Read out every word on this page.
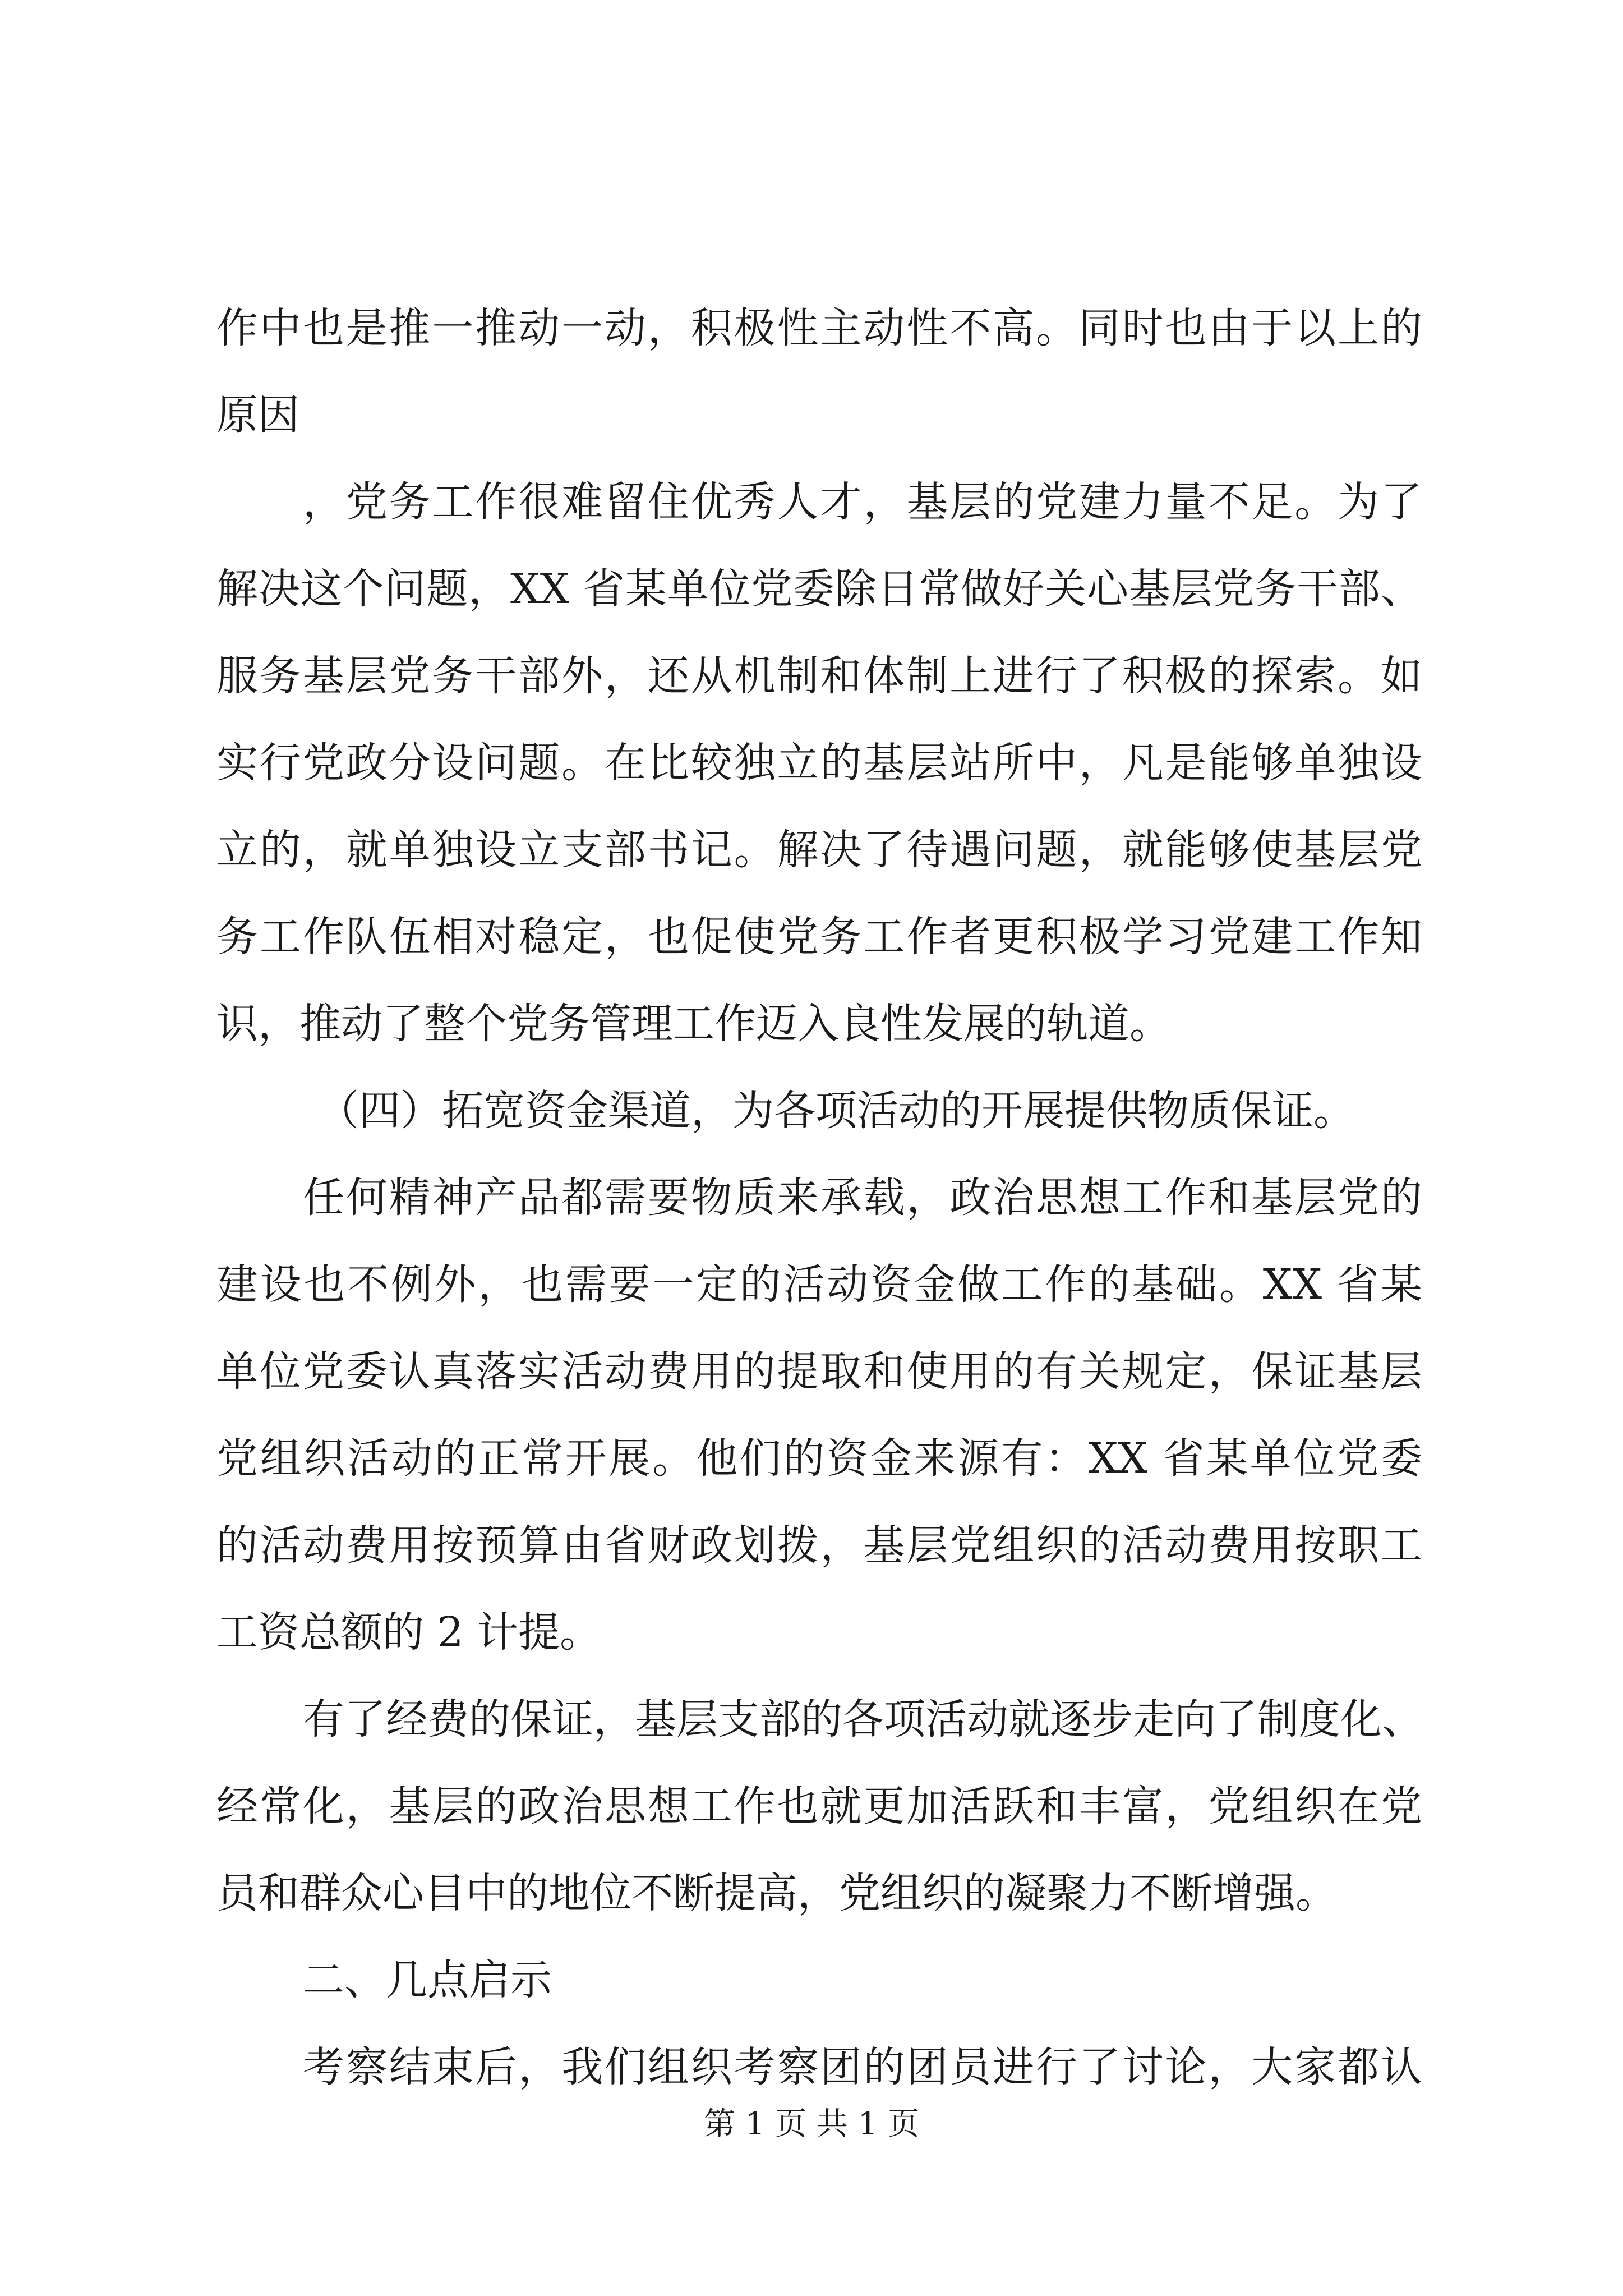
作中也是推一推动一动，积极性主动性不高。同时也由于以上的
原因
，党务工作很难留住优秀人才，基层的党建力量不足。为了
解决这个问题，XX 省某单位党委除日常做好关心基层党务干部、
服务基层党务干部外，还从机制和体制上进行了积极的探索。如
实行党政分设问题。在比较独立的基层站所中，凡是能够单独设
立的，就单独设立支部书记。解决了待遇问题，就能够使基层党
务工作队伍相对稳定，也促使党务工作者更积极学习党建工作知
识，推动了整个党务管理工作迈入良性发展的轨道。
（四）拓宽资金渠道，为各项活动的开展提供物质保证。
任何精神产品都需要物质来承载，政治思想工作和基层党的
建设也不例外，也需要一定的活动资金做工作的基础。XX 省某
单位党委认真落实活动费用的提取和使用的有关规定，保证基层
党组织活动的正常开展。他们的资金来源有：XX 省某单位党委
的活动费用按预算由省财政划拨，基层党组织的活动费用按职工
工资总额的 2 计提。
有了经费的保证，基层支部的各项活动就逐步走向了制度化、
经常化，基层的政治思想工作也就更加活跃和丰富，党组织在党
员和群众心目中的地位不断提高，党组织的凝聚力不断增强。
二、几点启示
考察结束后，我们组织考察团的团员进行了讨论，大家都认
第 1 页 共 1 页
